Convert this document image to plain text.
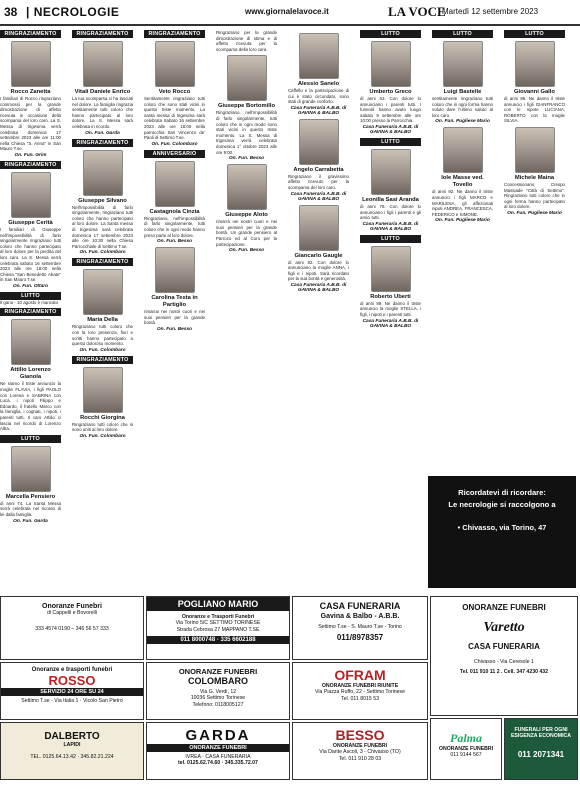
38 | NECROLOGIE	www.giornalelavoce.it	LA VOCE
Martedì 12 settembre 2023
RINGRAZIAMENTO
Rocco Zanetta
I familiari di Rocco ringraziano commossi per la grande dimostrazione di affetto ricevuta in occasione della scomparsa del loro caro. La S. Messa di trigesima verrà celebrata domenica 17 settembre 2023 alle ore 11:00 nella Chiesa "S. Anna" in San Mauro T.se.
On. Fun. Grim
RINGRAZIAMENTO
Giuseppe Cerità
I familiari di Giuseppe nell'impossibilità di farlo singolarmente ringraziano tutti coloro che hanno partecipato al loro dolore per la perdita del loro caro. La S. Messa verrà celebrata sabato 16 settembre 2023 alle ore 18:00 nella Chiesa "San Benedetto Abate" in San Mauro T.se.
On. Fun. Ottaro
LUTTO
Il gano - 10 agosto è mancato
RINGRAZIAMENTO
Attilio Lorenzo Gianola
Ne siamo il triste annuncio la moglie FLAVIA, i figli PAOLO con Lorena e SABRINA con Luca, i nipoti Filippo e Edoardo, il fratello Marco con la famiglia, i cognati, i nipoti, i parenti tutti. Il caro Attilio ci lascia nel ricordo di Lorenzo Alba.
LUTTO
Marcella Pensiero
di anni 74. La Santa Messa verrà celebrata nel ricordo di lei dalla famiglia.
On. Fun. Garda
RINGRAZIAMENTO
Vitali Daniele Enrico
La tua scomparsa ci ha lasciati nel dolore. La famiglia ringrazia sentitamente tutti coloro che hanno partecipato al loro dolore. La S. Messa sarà celebrata in ricordo.
On. Fun. Garda
RINGRAZIAMENTO
Giuseppe Silvano
Nell'impossibilità di farlo singolarmente, ringraziano tutti coloro che hanno partecipato al loro dolore. La Santa messa di trigesima sarà celebrata domenica 17 settembre 2023 alle ore 10:30 nella Chiesa Parrocchiale di Settimo T.se.
On. Fun. Colombaro
RINGRAZIAMENTO
Maria Della
Ringraziano tutti coloro che con la loro presenza, fiori e scritti hanno partecipato a questo doloroso momento.
On. Fun. Colombaro
RINGRAZIAMENTO
Rocchi Giorgina
Ringraziano tutti coloro che si sono uniti al loro dolore.
On. Fun. Colombaro
RINGRAZIAMENTO
Veto Rocco
Sentitamente ringraziano tutti coloro che sono stati vicini in questo triste momento. La santa messa di trigesima sarà celebrata Sabato 16 settembre 2023 alle ore 18:00 nella parrocchia San Vincenzo de' Paoli di Settimo T.se.
On. Fun. Colombaro
ANNIVERSARIO
Castagnola Cinzia
Ringraziano, nell'impossibilità di farlo singolarmente, tutti coloro che in ogni modo hanno preso parte al loro dolore.
On. Fun. Besso
Carolina Testa in Partiglio
rimarrai nei nostri cuori e nei suoi pensieri per la grande bontà.
On. Fun. Besso
Ringraziano per la grande dimostrazione di stima e di affetto ricevuta per la scomparsa della loro cara.
Giuseppe Bortomillo
Ringraziano, nell'impossibilità di farlo singolarmente, tutti coloro che in ogni modo sono stati vicini in questo triste momento. La S. Messa di trigesima verrà celebrata domenica 1° ottobre 2023 alle ore 9:00.
On. Fun. Besso
Giuseppe Aloto
rimarrà nei nostri cuori e nei suoi pensieri per la grande bontà. Un grande pensiero al Parroco ed al Coro per la partecipazione.
On. Fun. Besso
Alessio Sanelo
Caffello e la partecipazione di cui è stato circondato, sono stati di grande conforto.
Casa Funeraria A.B.B. di GAVINA & BALBO
Angelo Carrabetta
Ringraziano il gravissimo affetto ricevuto per la scomparsa del loro caro.
Casa Funeraria A.B.B. di GAVINA & BALBO
Giancarlo Gaugle
di anni 82. Con dolore lo annunciano la moglie ANNA, i figli e i nipoti. Sarà ricordato per la sua bontà e generosità.
Casa Funeraria A.B.B. di GAVINA & BALBO
LUTTO
Umberto Greco
di anni 63. Con dolore lo annunciano i parenti tutti. I funerali hanno avuto luogo sabato 9 settembre alle ore 10:00 presso la Parrocchia.
Casa Funeraria A.B.B. di GAVINA & BALBO
LUTTO
Leonilla Sasi Aranda
di anni 78. Con dolore lo annunciano i figli i parenti e gli amici tutti.
Casa Funeraria A.B.B. di GAVINA & BALBO
LUTTO
Roberto Uberti
di anni 89. Ne danno il triste annuncio la moglie STELLA, i figli, i nipoti e i parenti tutti.
Casa Funeraria A.B.B. di GAVINA & BALBO
LUTTO
Luigi Bastelle
sentitamente ringraziano tutti coloro che in ogni forma hanno voluto dare l'ultimo saluto al loro caro.
On. Fun. Pugliese Mario
Iole Masse ved. Tovello
di anni 92. Ne danno il triste annuncio i figli MARCO e MARILENA, gli affezionati nipoti ANDREA, FRANCESCA, FEDERICO e SIMONE.
On. Fun. Pugliese Mario
LUTTO
Giovanni Gallo
di anni 86. Ne danno il triste annuncio i figli GIANFRANCO con le nipote LUCIANA, ROBERTO con la moglie SILVIA.
Michele Maina
Concessionario Crespo Massiade "Città di Settimo". Ringraziano tutti coloro che in ogni forma hanno partecipato al loro dolore.
On. Fun. Pugliese Mario
Ricordatevi di ricordare:
Le necrologie si raccolgono a
• Chivasso, via Torino, 47
Onoranze Funebri
di Cappelli e Bovorelli
333 4574 0190 – 346 56 57 333
POGLIANO MARIO
Onoranze e Trasporti Funebri
Via Torino 5/C SETTIMO TORINESE
Strada Cebrosa 27 MAPPANO T.SE
011 8000748 · 335 6602188
CASA FUNERARIA
Gavina & Balbo - A.B.B.
Settimo T.se - S. Mauro T.se - Torino
011/8978357
ONORANZE FUNEBRI
Varetto
CASA FUNERARIA
Chivasso - Via Ceresole 1
Tel. 011 910 11 2 . Cell. 347 4230 432
Onoranze e trasporti funebri
ROSSO
SERVIZIO 24 ORE SU 24
Settimo T.se - Via Italia 1 · Vicolo San Pietro
ONORANZE FUNEBRI
COLOMBARO
Via G. Verdi, 12
10036 Settimo Torinese
Telefono: 0118005127
OFRAM
ONORANZE FUNEBRI RIUNITE
Via Piazza Ruffo, 22 - Settimo Torinese
Tel. 011 8015 53
GARDA
ONORANZE FUNEBRI
IVREA · CASA FUNERARIA
tel. 0125.62.74.60 · 345.335.72.07
DALBERTO
LAPIDI
TEL. 0125.64.13.42 · 345.82.21.224
BESSO
ONORANZE FUNEBRI
Via Dante Ascoli, 3 - Chivasso (TO)
Tel. 011 910 28 03
Palma
ONORANZE FUNEBRI
011 9144 567
FUNERALI PER OGNI
ESIGENZA ECONOMICA
011 2071341
